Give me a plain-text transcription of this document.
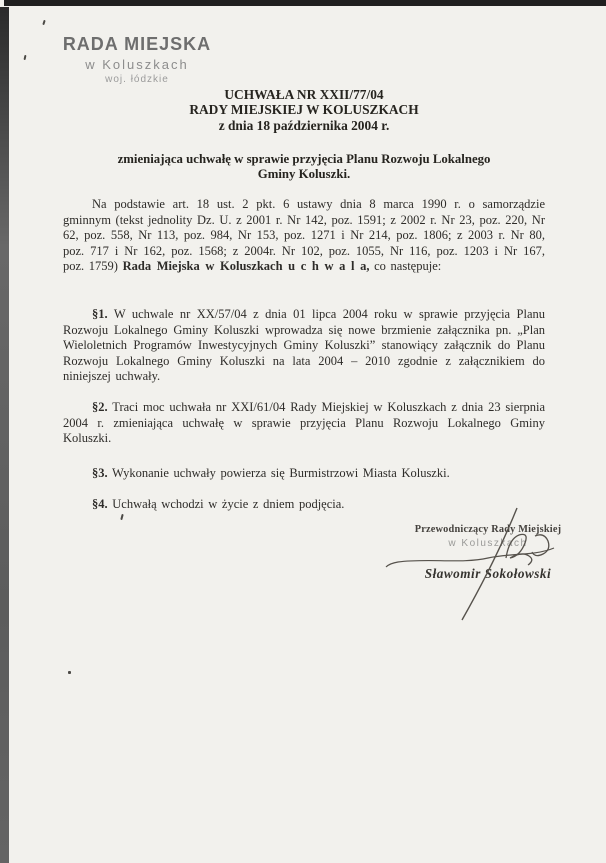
RADA MIEJSKA
w Koluszkach
woj. łódzkie
UCHWAŁA NR XXII/77/04
RADY MIEJSKIEJ W KOLUSZKACH
z dnia 18 października 2004 r.
zmieniająca uchwałę w sprawie przyjęcia Planu Rozwoju Lokalnego
Gminy Koluszki.

Na podstawie art. 18 ust. 2 pkt. 6 ustawy dnia 8 marca 1990 r. o samorządzie gminnym (tekst jednolity Dz. U. z 2001 r. Nr 142, poz. 1591; z 2002 r. Nr 23, poz. 220, Nr 62, poz. 558, Nr 113, poz. 984, Nr 153, poz. 1271 i Nr 214, poz. 1806; z 2003 r. Nr 80, poz. 717 i Nr 162, poz. 1568; z 2004r. Nr 102, poz. 1055, Nr 116, poz. 1203 i Nr 167, poz. 1759) Rada Miejska w Koluszkach u c h w a l a, co następuje:

§1. W uchwale nr XX/57/04 z dnia 01 lipca 2004 roku w sprawie przyjęcia Planu Rozwoju Lokalnego Gminy Koluszki wprowadza się nowe brzmienie załącznika pn. „Plan Wieloletnich Programów Inwestycyjnych Gminy Koluszki” stanowiący załącznik do Planu Rozwoju Lokalnego Gminy Koluszki na lata 2004 – 2010 zgodnie z załącznikiem do niniejszej uchwały.

§2. Traci moc uchwała nr XXI/61/04 Rady Miejskiej w Koluszkach z dnia 23 sierpnia 2004 r. zmieniająca uchwałę w sprawie przyjęcia Planu Rozwoju Lokalnego Gminy Koluszki.

§3. Wykonanie uchwały powierza się Burmistrzowi Miasta Koluszki.

§4. Uchwałą wchodzi w życie z dniem podjęcia.

Przewodniczący Rady Miejskiej
w Koluszkach
Sławomir Sokołowski
